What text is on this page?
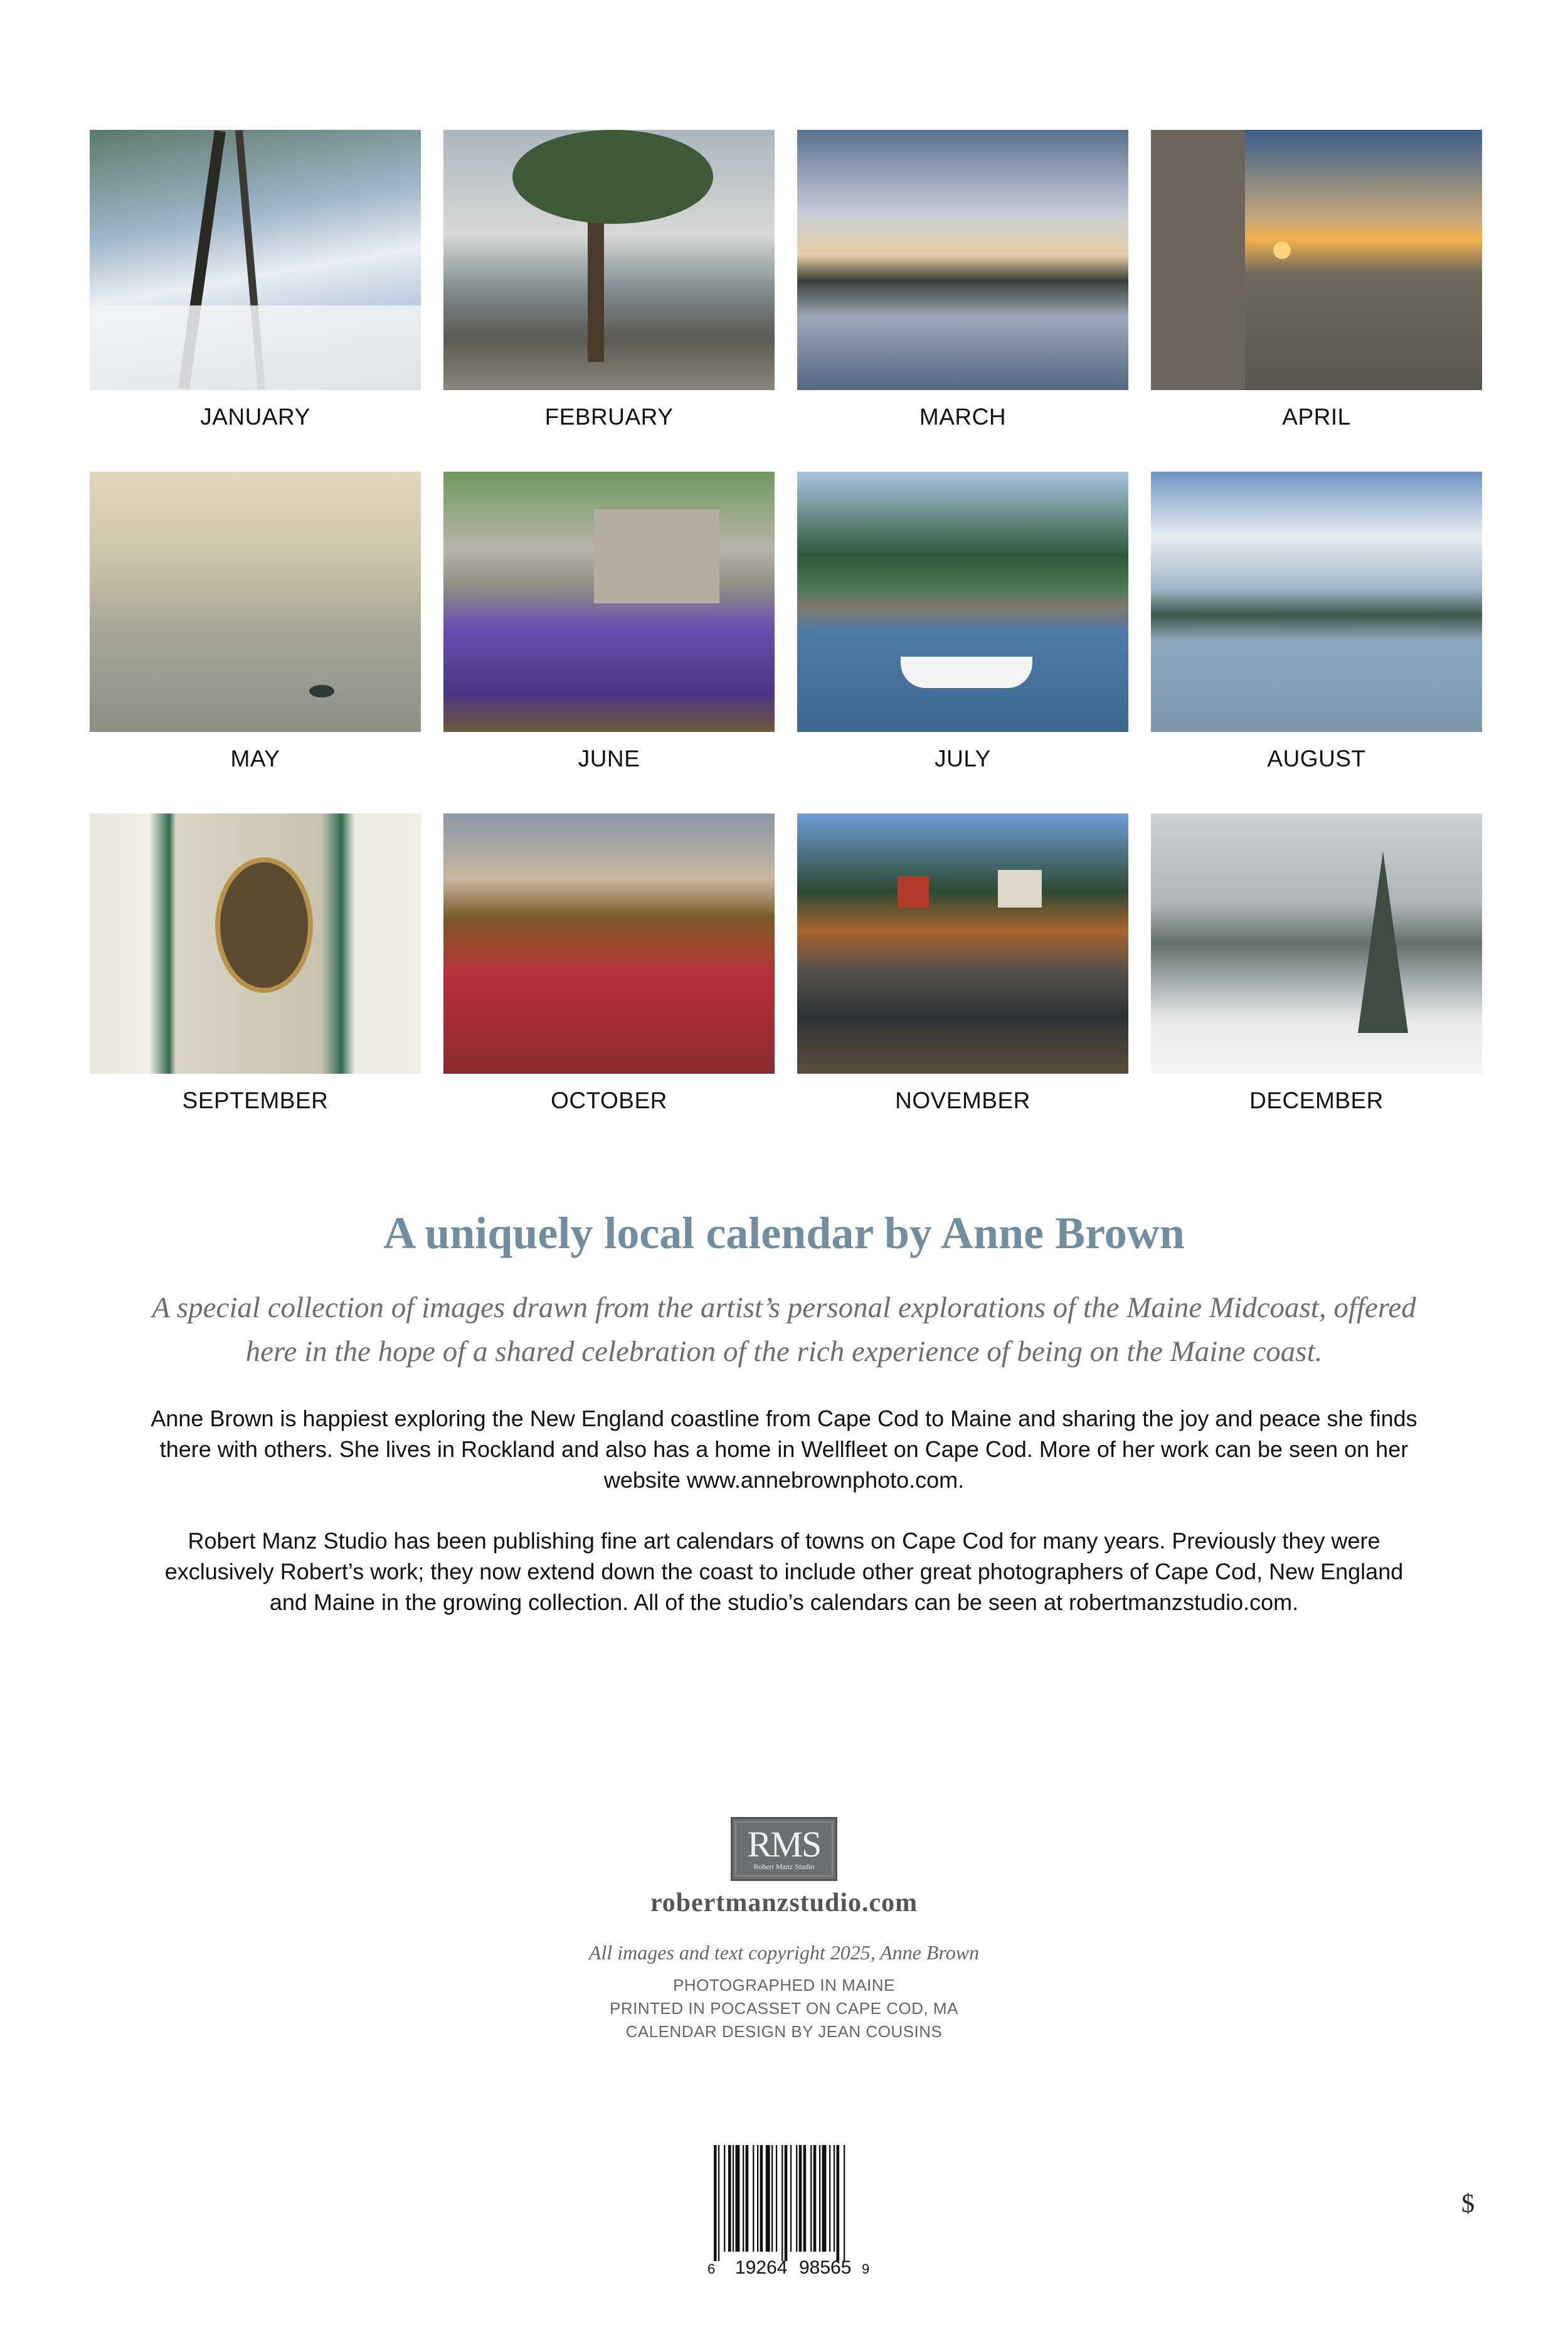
JANUARY	FEBRUARY	MARCH	APRIL
MAY	JUNE	JULY	AUGUST
SEPTEMBER	OCTOBER	NOVEMBER	DECEMBER
A uniquely local calendar by Anne Brown
A special collection of images drawn from the artist’s personal explorations of the Maine Midcoast, offered here in the hope of a shared celebration of the rich experience of being on the Maine coast.
Anne Brown is happiest exploring the New England coastline from Cape Cod to Maine and sharing the joy and peace she finds there with others. She lives in Rockland and also has a home in Wellfleet on Cape Cod. More of her work can be seen on her website www.annebrownphoto.com.
Robert Manz Studio has been publishing fine art calendars of towns on Cape Cod for many years. Previously they were exclusively Robert’s work; they now extend down the coast to include other great photographers of Cape Cod, New England and Maine in the growing collection. All of the studio’s calendars can be seen at robertmanzstudio.com.
RMS
Robert Manz Studio
robertmanzstudio.com
All images and text copyright 2025, Anne Brown
PHOTOGRAPHED IN MAINE
PRINTED IN POCASSET ON CAPE COD, MA
CALENDAR DESIGN BY JEAN COUSINS
6 19264 98565 9
$
